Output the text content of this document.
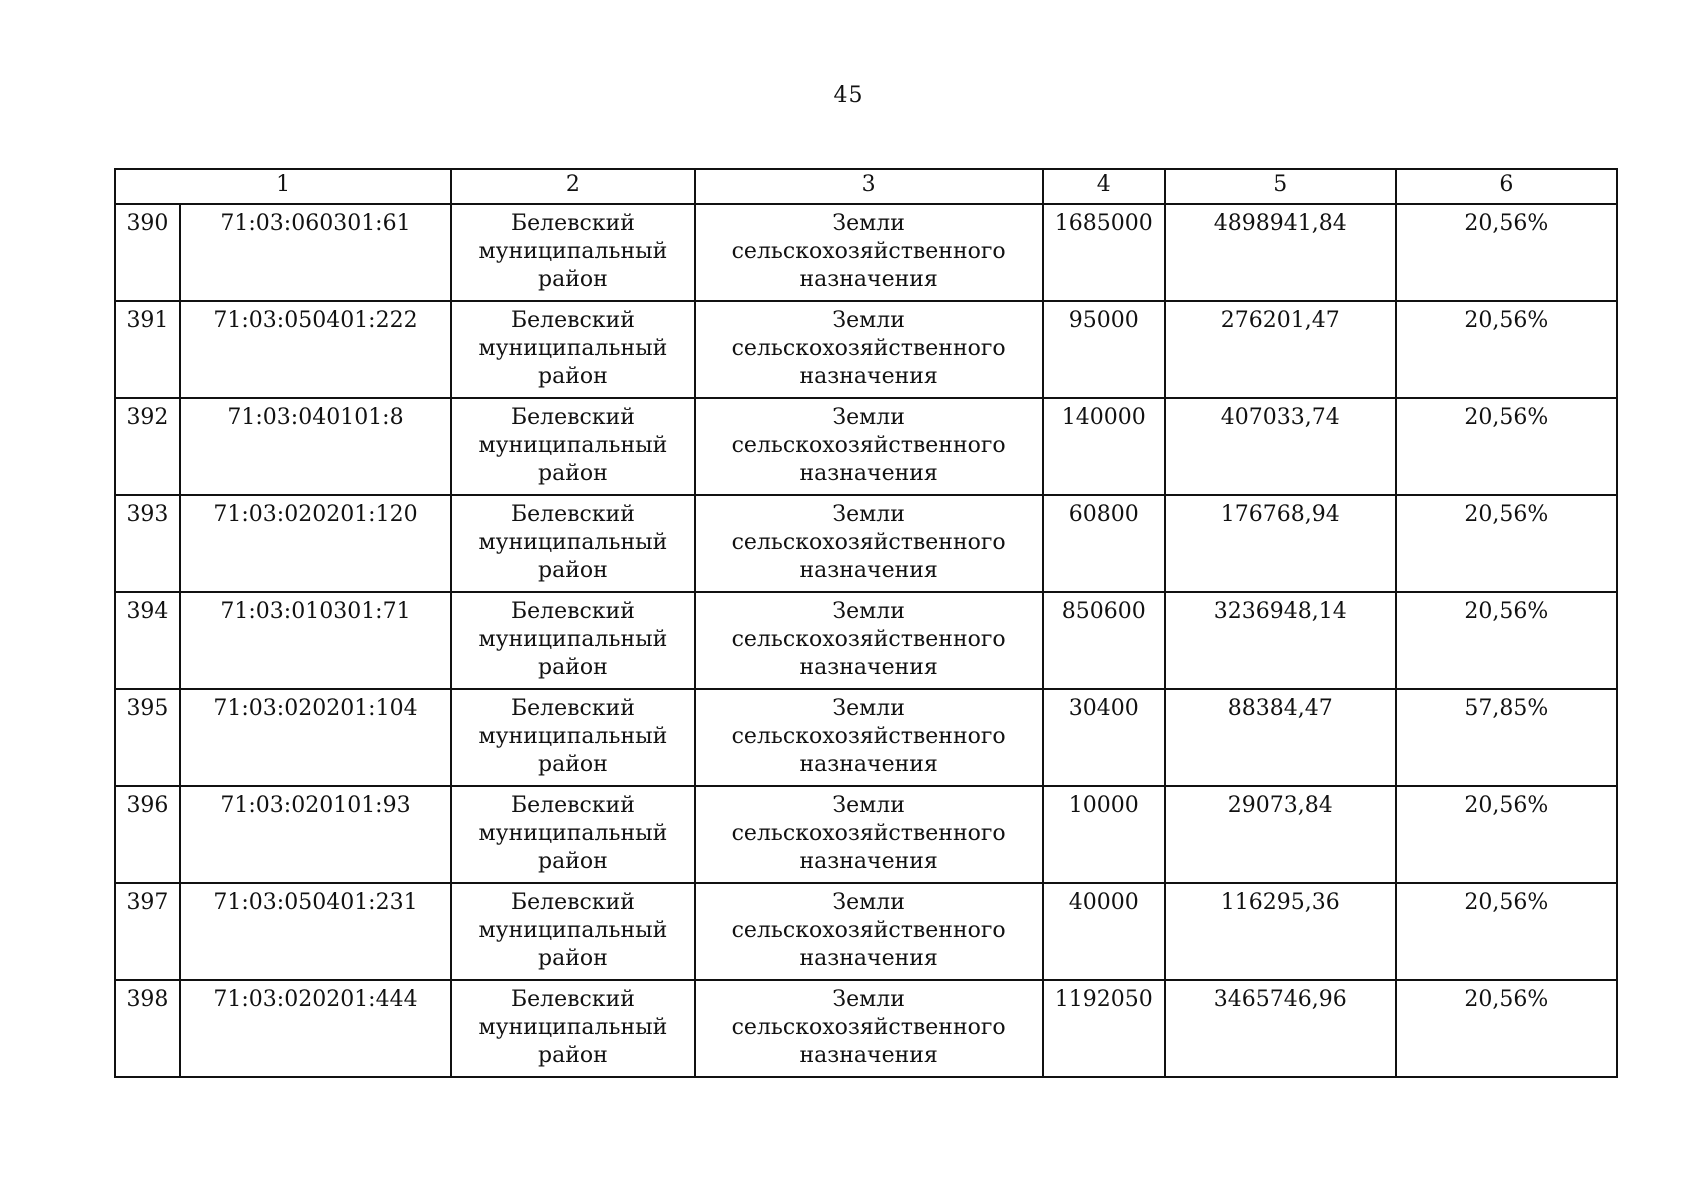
45
1		2	3	4	5	6
390	71:03:060301:61	Белевский муниципальный район	Земли сельскохозяйственного назначения	1685000	4898941,84	20,56%
391	71:03:050401:222	Белевский муниципальный район	Земли сельскохозяйственного назначения	95000	276201,47	20,56%
392	71:03:040101:8	Белевский муниципальный район	Земли сельскохозяйственного назначения	140000	407033,74	20,56%
393	71:03:020201:120	Белевский муниципальный район	Земли сельскохозяйственного назначения	60800	176768,94	20,56%
394	71:03:010301:71	Белевский муниципальный район	Земли сельскохозяйственного назначения	850600	3236948,14	20,56%
395	71:03:020201:104	Белевский муниципальный район	Земли сельскохозяйственного назначения	30400	88384,47	57,85%
396	71:03:020101:93	Белевский муниципальный район	Земли сельскохозяйственного назначения	10000	29073,84	20,56%
397	71:03:050401:231	Белевский муниципальный район	Земли сельскохозяйственного назначения	40000	116295,36	20,56%
398	71:03:020201:444	Белевский муниципальный район	Земли сельскохозяйственного назначения	1192050	3465746,96	20,56%
